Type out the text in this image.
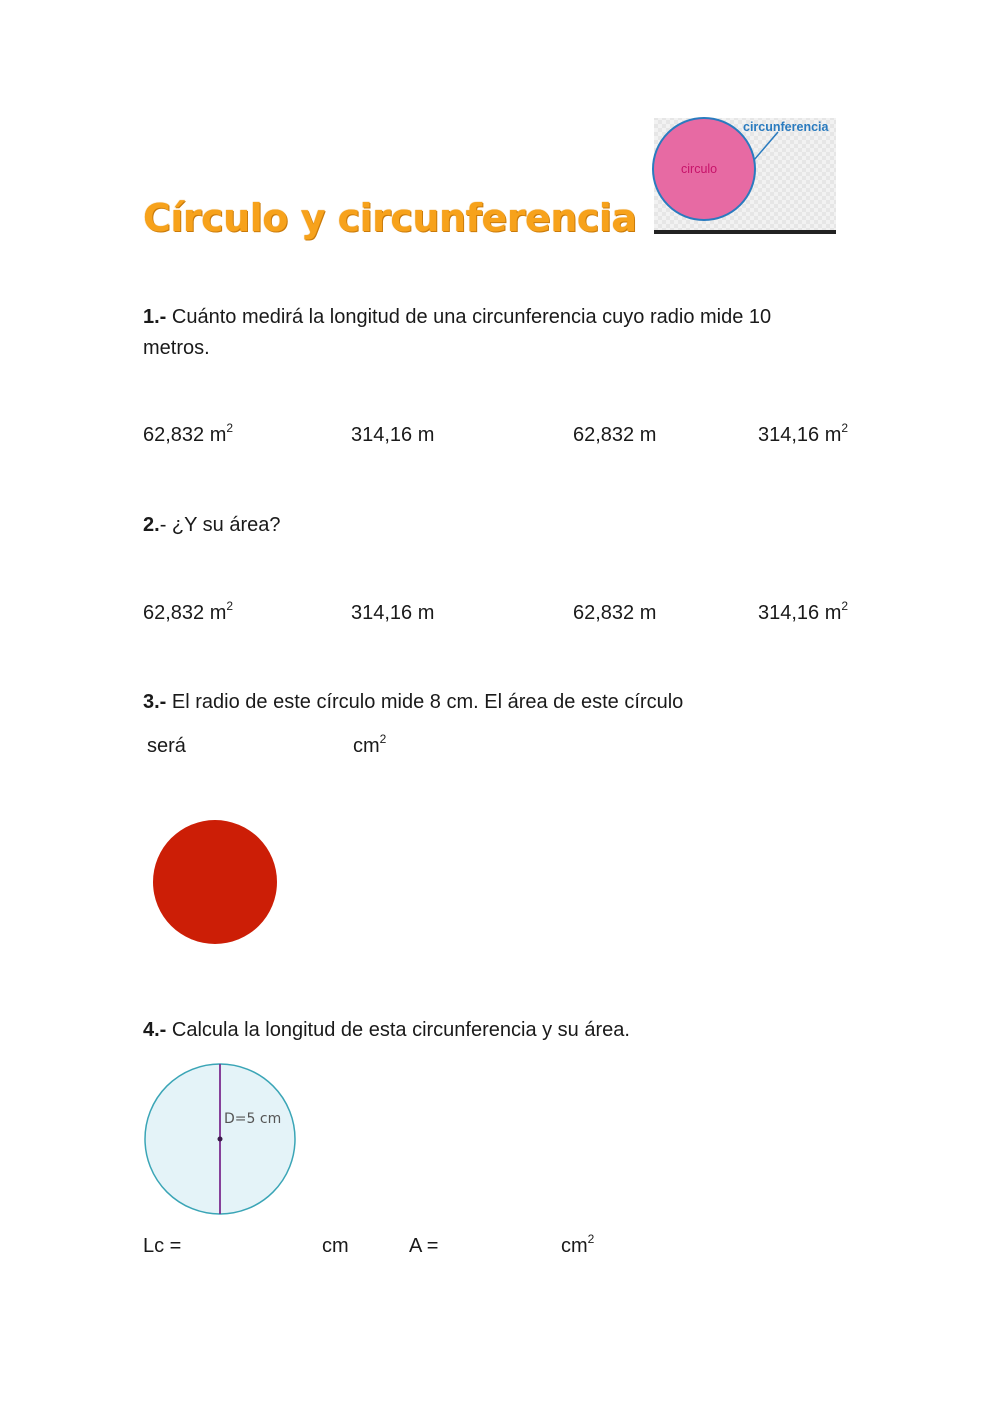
Círculo y circunferencia
circulo
circunferencia
1.- Cuánto medirá la longitud de una circunferencia cuyo radio mide 10
metros.
62,832 $m^2$	314,16 m	62,832 m	314,16 $m^2$
2.- ¿Y su área?
62,832 $m^2$	314,16 m	62,832 m	314,16 $m^2$
3.- El radio de este círculo mide 8 cm. El área de este círculo
será	$cm^2$
4.- Calcula la longitud de esta circunferencia y su área.
D=5 cm
Lc =	cm	A =	$cm^2$
